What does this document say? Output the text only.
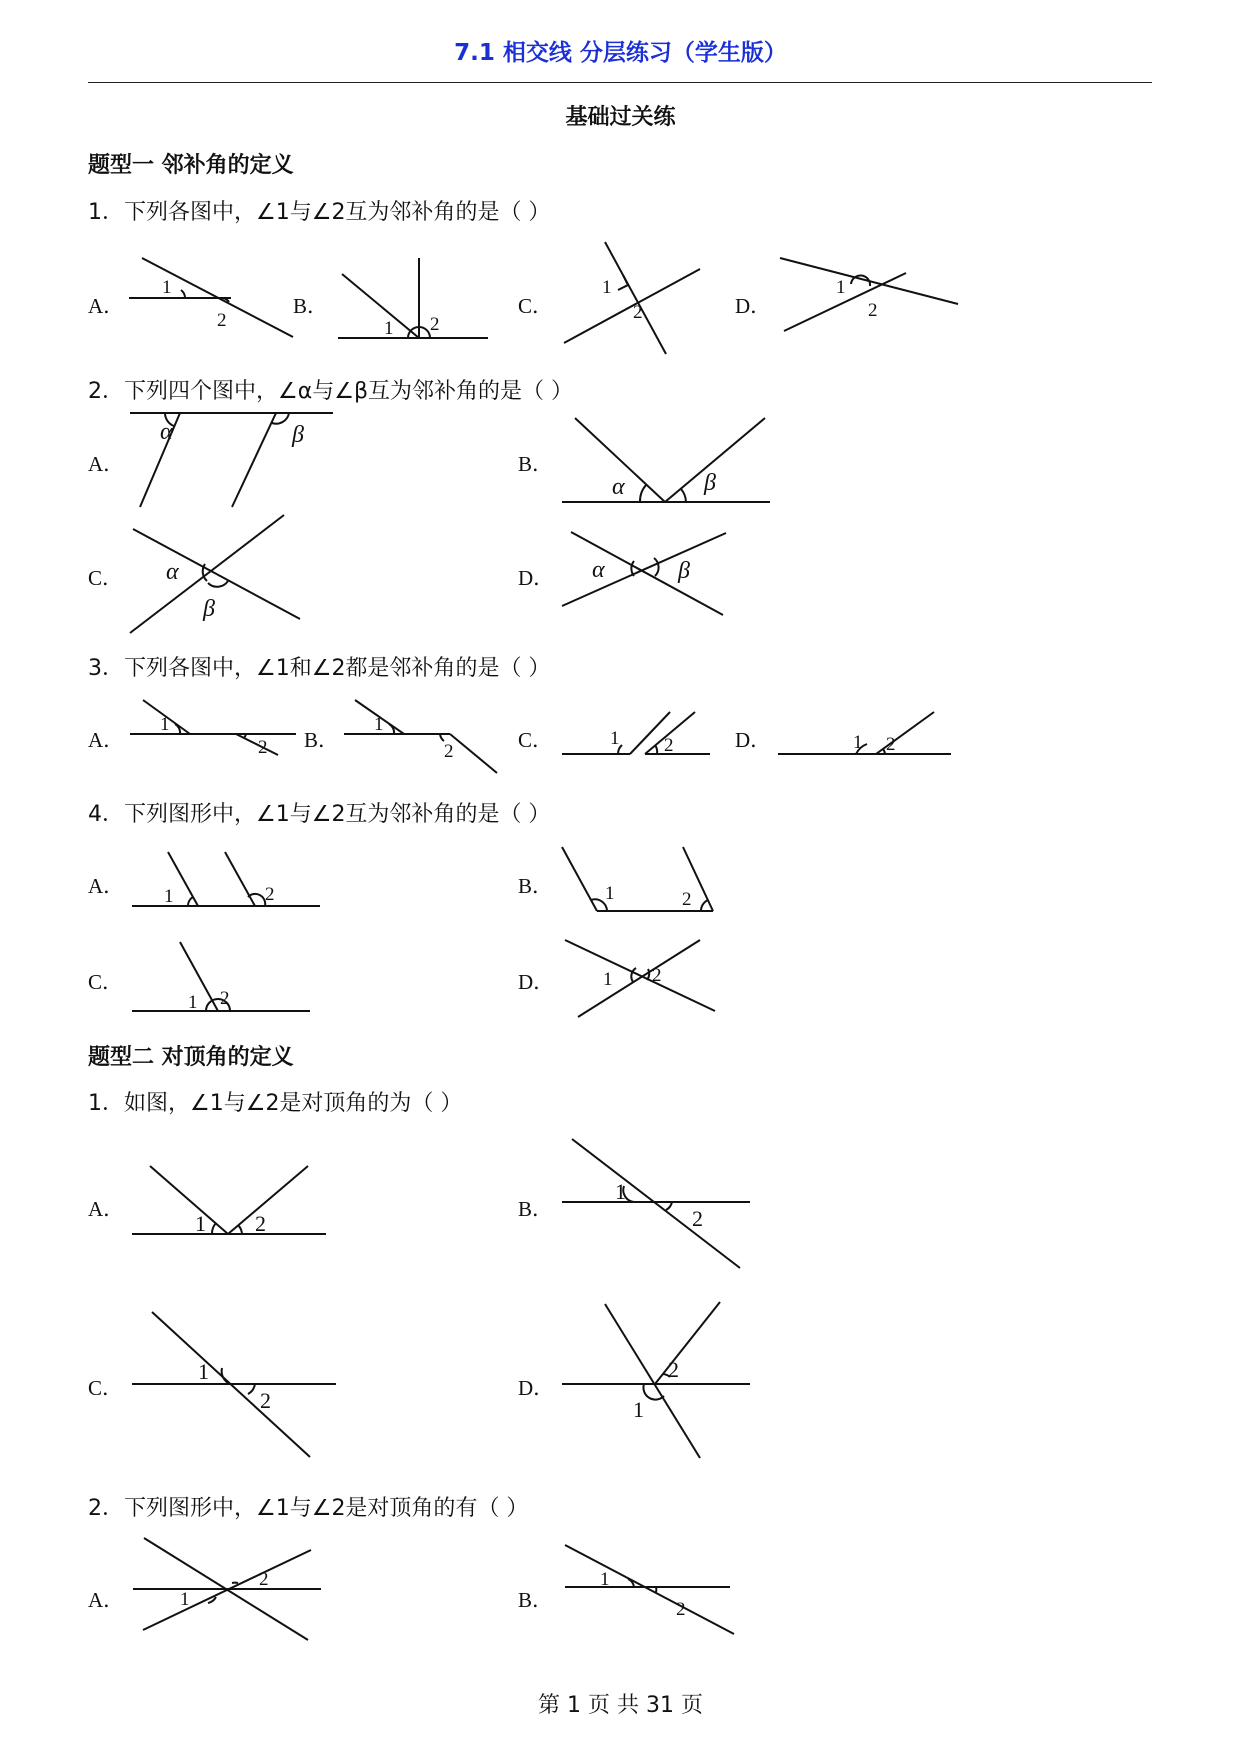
7.1 相交线 分层练习（学生版）
基础过关练
题型一 邻补角的定义
1．下列各图中，∠1与∠2互为邻补角的是（ ）
A．	B．	C．	D．
1
2	1 2
1
2
1
2
2．下列四个图中，∠α与∠β互为邻补角的是（ ）
A．	B．
C．	D．
α	β
α	β
α
β
α	β
3．下列各图中，∠1和∠2都是邻补角的是（ ）
A．	B．	C．	D．
1
2
1
2
1 2	1 2
4．下列图形中，∠1与∠2互为邻补角的是（ ）
A．	B．
C．	D．
1	2	1	2
1 2
1 2
题型二 对顶角的定义
1．如图，∠1与∠2是对顶角的为（ ）
A．	B．
C．	D．
1 2
1
2
1
2	1
2
2．下列图形中，∠1与∠2是对顶角的有（ ）
A．	B．
1
2	1
2
第 1 页 共 31 页
